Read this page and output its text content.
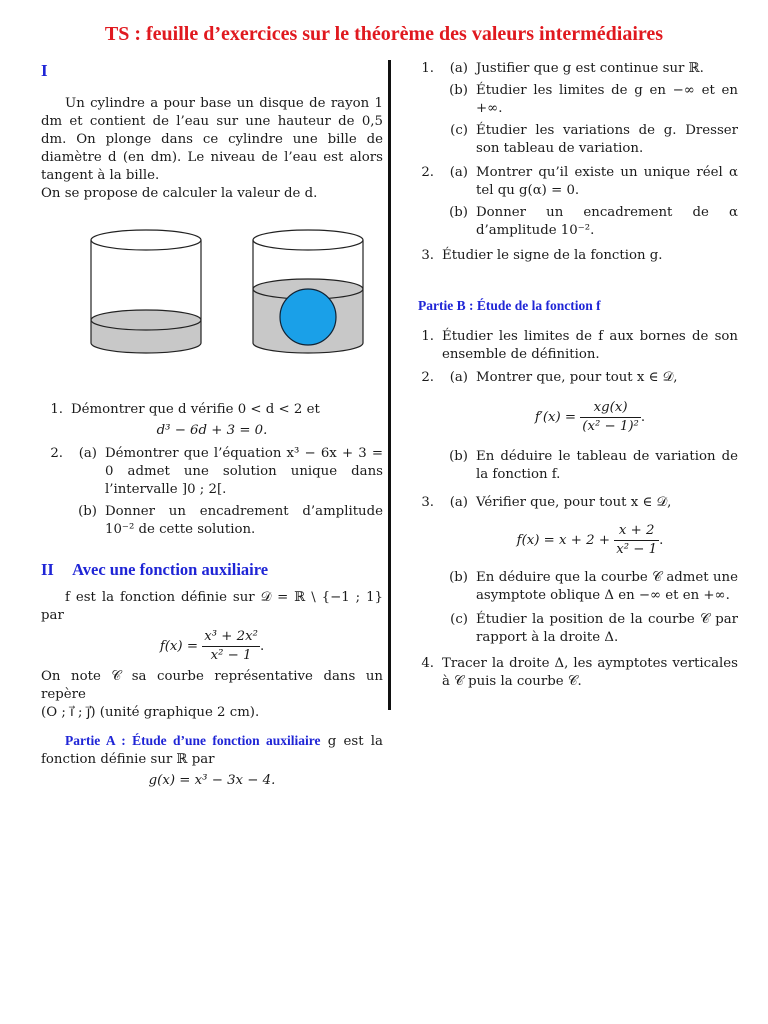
TS : feuille d’exercices sur le théorème des valeurs intermédiaires
I

Un cylindre a pour base un disque de rayon 1 dm et contient de l’eau sur une hauteur de 0,5 dm. On plonge dans ce cylindre une bille de diamètre d (en dm). Le niveau de l’eau est alors tangent à la bille.

On se propose de calculer la valeur de d.

1. Démontrer que d vérifie 0 < d < 2 et
d³ − 6d + 3 = 0.
2.	(a) Démontrer que l’équation x³ − 6x + 3 = 0 admet une solution unique dans l’intervalle ]0 ; 2[.

(b) Donner un encadrement d’amplitude 10⁻² de cette solution.

II Avec une fonction auxiliaire

f est la fonction définie sur 𝒟 = ℝ \ {−1 ; 1} par

$f(x) = \frac{\text{x³ + 2x²}}{\text{x² − 1}}$ .

On note 𝒞 sa courbe représentative dans un repère

(O ; i⃗ ; j⃗) (unité graphique 2 cm).

Partie A : Étude d’une fonction auxiliaire g est la fonction définie sur ℝ par

g(x) = x³ − 3x − 4.
1.	(a) Justifier que g est continue sur ℝ.

(b) Étudier les limites de g en −∞ et en +∞.

(c) Étudier les variations de g. Dresser son tableau de variation.

2.	(a) Montrer qu’il existe un unique réel α tel qu g(α) = 0.

(b) Donner un encadrement de α d’amplitude 10⁻².

3. Étudier le signe de la fonction g.

Partie B : Étude de la fonction f
1. Étudier les limites de f aux bornes de son ensemble de définition.

2.	(a) Montrer que, pour tout x ∈ 𝒟,

$f'(x) = \frac{xg(x)}{\text{(x² − 1)²}}$ .
(b) En déduire le tableau de variation de la fonction f.

3.	(a) Vérifier que, pour tout x ∈ 𝒟,

$f(x) = x + 2 + \frac{x + 2}{\text{x² − 1}}$ .
(b) En déduire que la courbe 𝒞 admet une asymptote oblique Δ en −∞ et en +∞.

(c) Étudier la position de la courbe 𝒞 par rapport à la droite Δ.

4. Tracer la droite Δ, les aymptotes verticales à 𝒞 puis la courbe 𝒞.
